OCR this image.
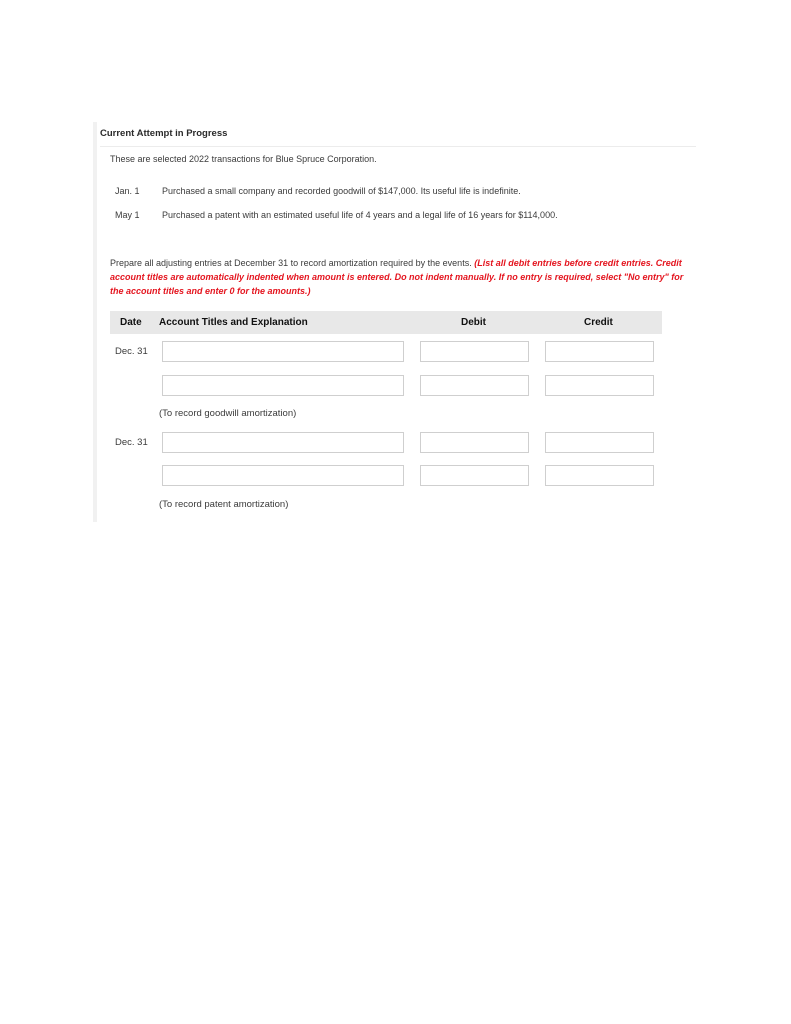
Current Attempt in Progress
These are selected 2022 transactions for Blue Spruce Corporation.
Jan. 1 Purchased a small company and recorded goodwill of $147,000. Its useful life is indefinite.
May 1 Purchased a patent with an estimated useful life of 4 years and a legal life of 16 years for $114,000.
Prepare all adjusting entries at December 31 to record amortization required by the events. (List all debit entries before credit entries. Credit account titles are automatically indented when amount is entered. Do not indent manually. If no entry is required, select "No entry" for the account titles and enter 0 for the amounts.)
Date Account Titles and Explanation	Debit	Credit
Dec. 31
(To record goodwill amortization)
Dec. 31
(To record patent amortization)
